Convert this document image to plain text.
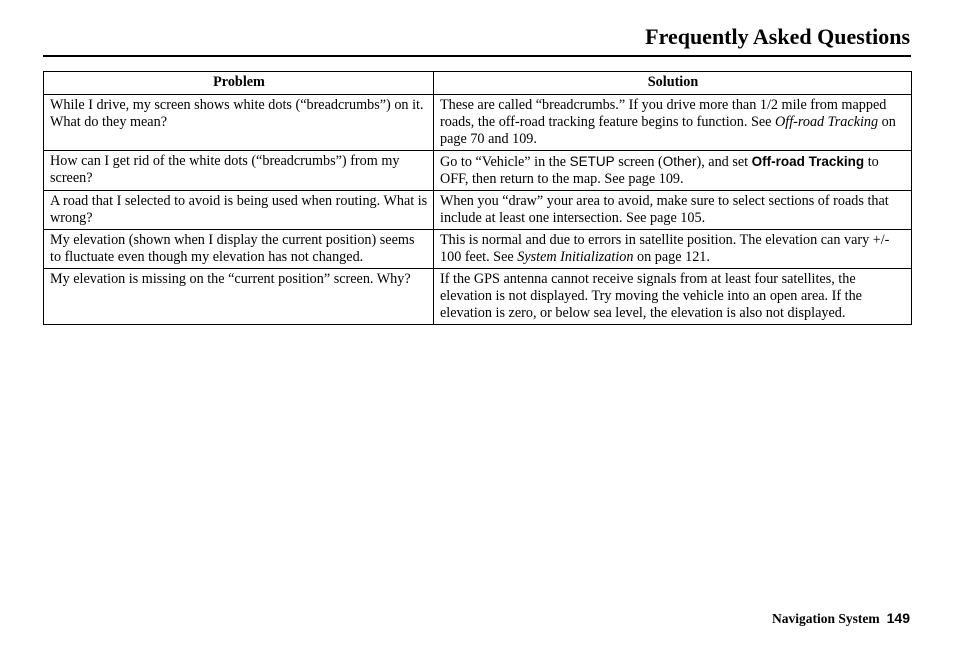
Frequently Asked Questions
Problem	Solution
While I drive, my screen shows white dots (“breadcrumbs”) on it. What do they mean?	These are called “breadcrumbs.” If you drive more than 1/2 mile from mapped roads, the off-road tracking feature begins to function. See Off-road Tracking on page 70 and 109.
How can I get rid of the white dots (“breadcrumbs”) from my screen?	Go to “Vehicle” in the SETUP screen (Other), and set Off-road Tracking to OFF, then return to the map. See page 109.
A road that I selected to avoid is being used when routing. What is wrong?	When you “draw” your area to avoid, make sure to select sections of roads that include at least one intersection. See page 105.
My elevation (shown when I display the current position) seems to fluctuate even though my elevation has not changed.	This is normal and due to errors in satellite position. The elevation can vary +/- 100 feet. See System Initialization on page 121.
My elevation is missing on the “current position” screen. Why?	If the GPS antenna cannot receive signals from at least four satellites, the elevation is not displayed. Try moving the vehicle into an open area. If the elevation is zero, or below sea level, the elevation is also not displayed.
Navigation System 149
